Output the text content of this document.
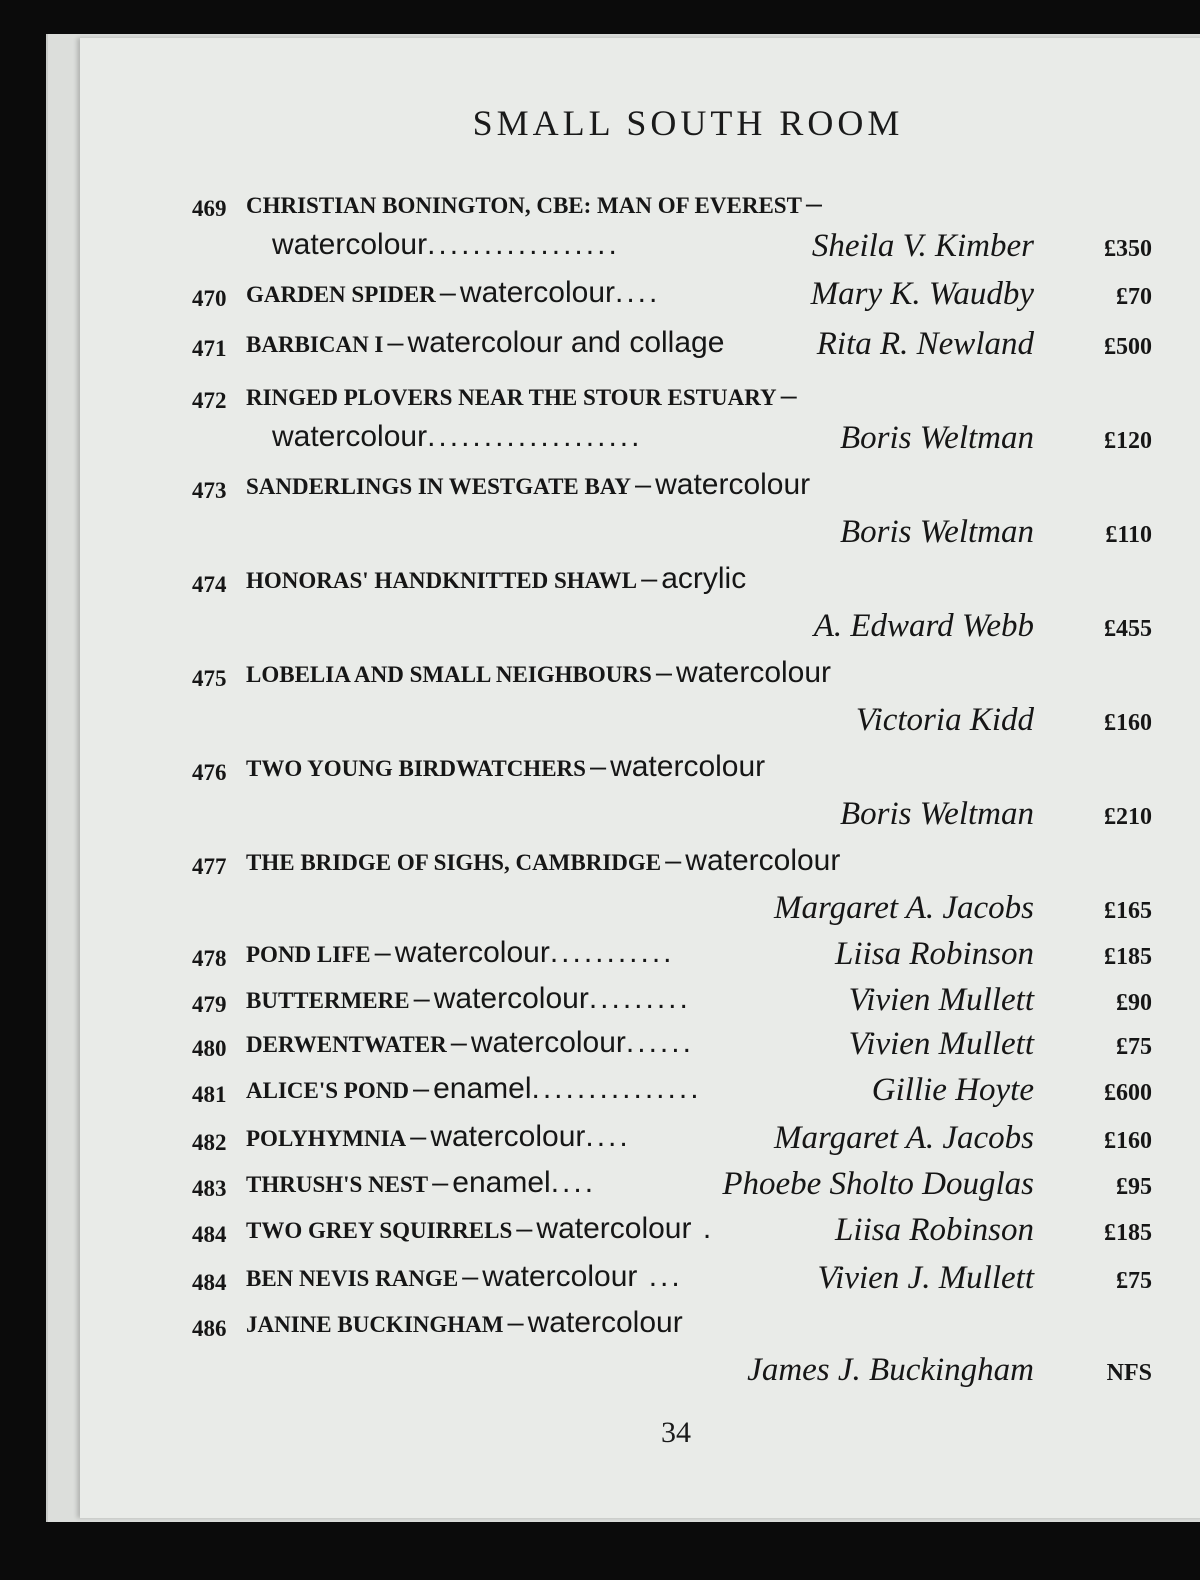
SMALL SOUTH ROOM
469 CHRISTIAN BONINGTON, CBE: MAN OF EVEREST –
watercolour.................	Sheila V. Kimber	£350
470 GARDEN SPIDER – watercolour....	Mary K. Waudby	£70
471 BARBICAN I – watercolour and collage	Rita R. Newland	£500
472 RINGED PLOVERS NEAR THE STOUR ESTUARY –
watercolour...................	Boris Weltman	£120
473 SANDERLINGS IN WESTGATE BAY – watercolour
Boris Weltman	£110
474 HONORAS' HANDKNITTED SHAWL – acrylic
A. Edward Webb	£455
475 LOBELIA AND SMALL NEIGHBOURS – watercolour
Victoria Kidd	£160
476 TWO YOUNG BIRDWATCHERS – watercolour
Boris Weltman	£210
477 THE BRIDGE OF SIGHS, CAMBRIDGE – watercolour
Margaret A. Jacobs	£165
478 POND LIFE – watercolour...........	Liisa Robinson	£185
479 BUTTERMERE – watercolour.........	Vivien Mullett	£90
480 DERWENTWATER – watercolour......	Vivien Mullett	£75
481 ALICE'S POND – enamel...............	Gillie Hoyte	£600
482 POLYHYMNIA – watercolour....	Margaret A. Jacobs	£160
483 THRUSH'S NEST – enamel....	Phoebe Sholto Douglas	£95
484 TWO GREY SQUIRRELS – watercolour .	Liisa Robinson	£185
484 BEN NEVIS RANGE – watercolour ...	Vivien J. Mullett	£75
486 JANINE BUCKINGHAM – watercolour
James J. Buckingham	NFS
34
